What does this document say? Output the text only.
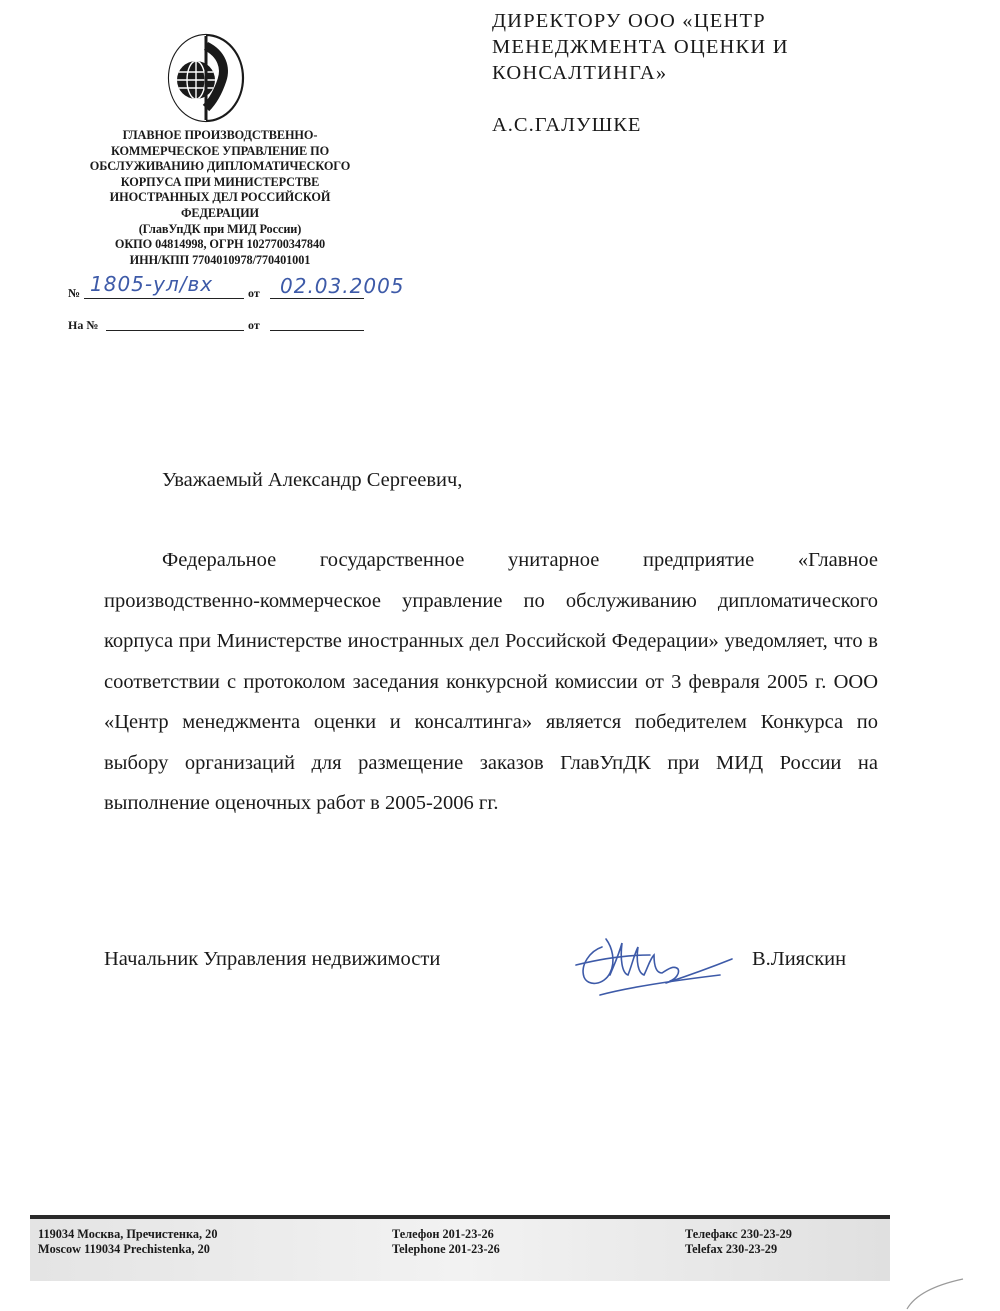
ГЛАВНОЕ ПРОИЗВОДСТВЕННО-
КОММЕРЧЕСКОЕ УПРАВЛЕНИЕ ПО
ОБСЛУЖИВАНИЮ ДИПЛОМАТИЧЕСКОГО
КОРПУСА ПРИ МИНИСТЕРСТВЕ
ИНОСТРАННЫХ ДЕЛ РОССИЙСКОЙ
ФЕДЕРАЦИИ
(ГлавУпДК при МИД России)
ОКПО 04814998, ОГРН 1027700347840
ИНН/КПП 7704010978/770401001
№ 1805-ул/вх	от 02.03.2005
На №	от
ДИРЕКТОРУ ООО «ЦЕНТР
МЕНЕДЖМЕНТА ОЦЕНКИ И
КОНСАЛТИНГА»
А.С.ГАЛУШКЕ
Уважаемый Александр Сергеевич,

Федеральное государственное унитарное предприятие «Главное производственно-коммерческое управление по обслуживанию дипломатического корпуса при Министерстве иностранных дел Российской Федерации» уведомляет, что в соответствии с протоколом заседания конкурсной комиссии от 3 февраля 2005 г. ООО «Центр менеджмента оценки и консалтинга» является победителем Конкурса по выбору организаций для размещение заказов ГлавУпДК при МИД России на выполнение оценочных работ в 2005-2006 гг.

Начальник Управления недвижимости	В.Лияскин
119034 Москва, Пречистенка, 20
Moscow 119034 Prechistenka, 20
Телефон 201-23-26
Telephone 201-23-26
Телефакс 230-23-29
Telefax 230-23-29
